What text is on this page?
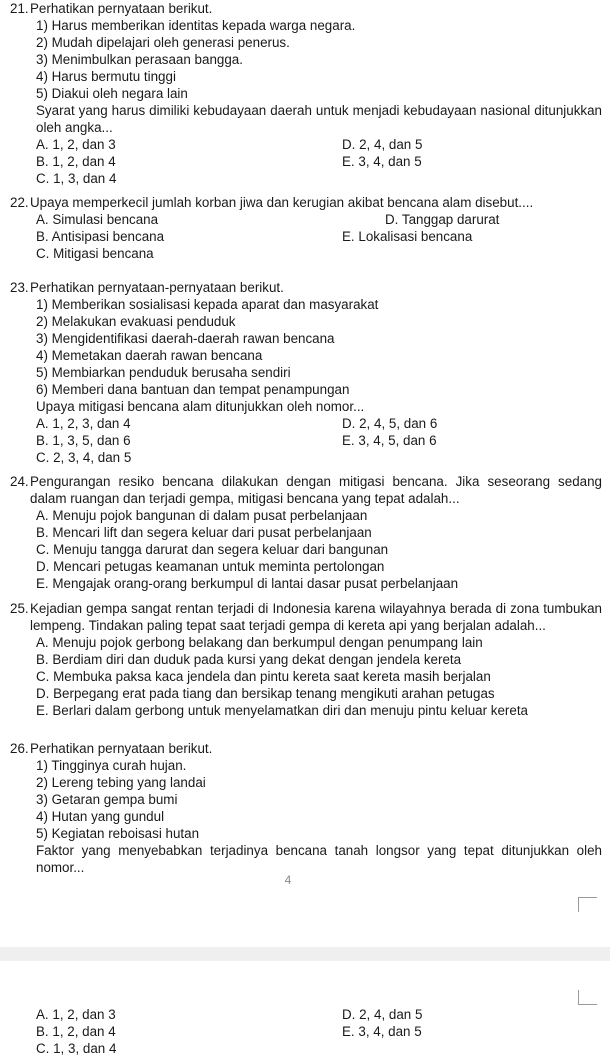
21. Perhatikan pernyataan berikut.
1) Harus memberikan identitas kepada warga negara.
2) Mudah dipelajari oleh generasi penerus.
3) Menimbulkan perasaan bangga.
4) Harus bermutu tinggi
5) Diakui oleh negara lain
Syarat yang harus dimiliki kebudayaan daerah untuk menjadi kebudayaan nasional ditunjukkan oleh angka...
A. 1, 2, dan 3	D. 2, 4, dan 5
B. 1, 2, dan 4	E. 3, 4, dan 5
C. 1, 3, dan 4
22. Upaya memperkecil jumlah korban jiwa dan kerugian akibat bencana alam disebut....
A. Simulasi bencana	D. Tanggap darurat
B. Antisipasi bencana	E. Lokalisasi bencana
C. Mitigasi bencana
23. Perhatikan pernyataan-pernyataan berikut.
1) Memberikan sosialisasi kepada aparat dan masyarakat
2) Melakukan evakuasi penduduk
3) Mengidentifikasi daerah-daerah rawan bencana
4) Memetakan daerah rawan bencana
5) Membiarkan penduduk berusaha sendiri
6) Memberi dana bantuan dan tempat penampungan
Upaya mitigasi bencana alam ditunjukkan oleh nomor...
A. 1, 2, 3, dan 4	D. 2, 4, 5, dan 6
B. 1, 3, 5, dan 6	E. 3, 4, 5, dan 6
C. 2, 3, 4, dan 5
24. Pengurangan resiko bencana dilakukan dengan mitigasi bencana. Jika seseorang sedang dalam ruangan dan terjadi gempa, mitigasi bencana yang tepat adalah...
A. Menuju pojok bangunan di dalam pusat perbelanjaan
B. Mencari lift dan segera keluar dari pusat perbelanjaan
C. Menuju tangga darurat dan segera keluar dari bangunan
D. Mencari petugas keamanan untuk meminta pertolongan
E. Mengajak orang-orang berkumpul di lantai dasar pusat perbelanjaan
25. Kejadian gempa sangat rentan terjadi di Indonesia karena wilayahnya berada di zona tumbukan lempeng. Tindakan paling tepat saat terjadi gempa di kereta api yang berjalan adalah...
A. Menuju pojok gerbong belakang dan berkumpul dengan penumpang lain
B. Berdiam diri dan duduk pada kursi yang dekat dengan jendela kereta
C. Membuka paksa kaca jendela dan pintu kereta saat kereta masih berjalan
D. Berpegang erat pada tiang dan bersikap tenang mengikuti arahan petugas
E. Berlari dalam gerbong untuk menyelamatkan diri dan menuju pintu keluar kereta
26. Perhatikan pernyataan berikut.
1) Tingginya curah hujan.
2) Lereng tebing yang landai
3) Getaran gempa bumi
4) Hutan yang gundul
5) Kegiatan reboisasi hutan
Faktor yang menyebabkan terjadinya bencana tanah longsor yang tepat ditunjukkan oleh nomor...
4
A. 1, 2, dan 3	D. 2, 4, dan 5
B. 1, 2, dan 4	E. 3, 4, dan 5
C. 1, 3, dan 4
